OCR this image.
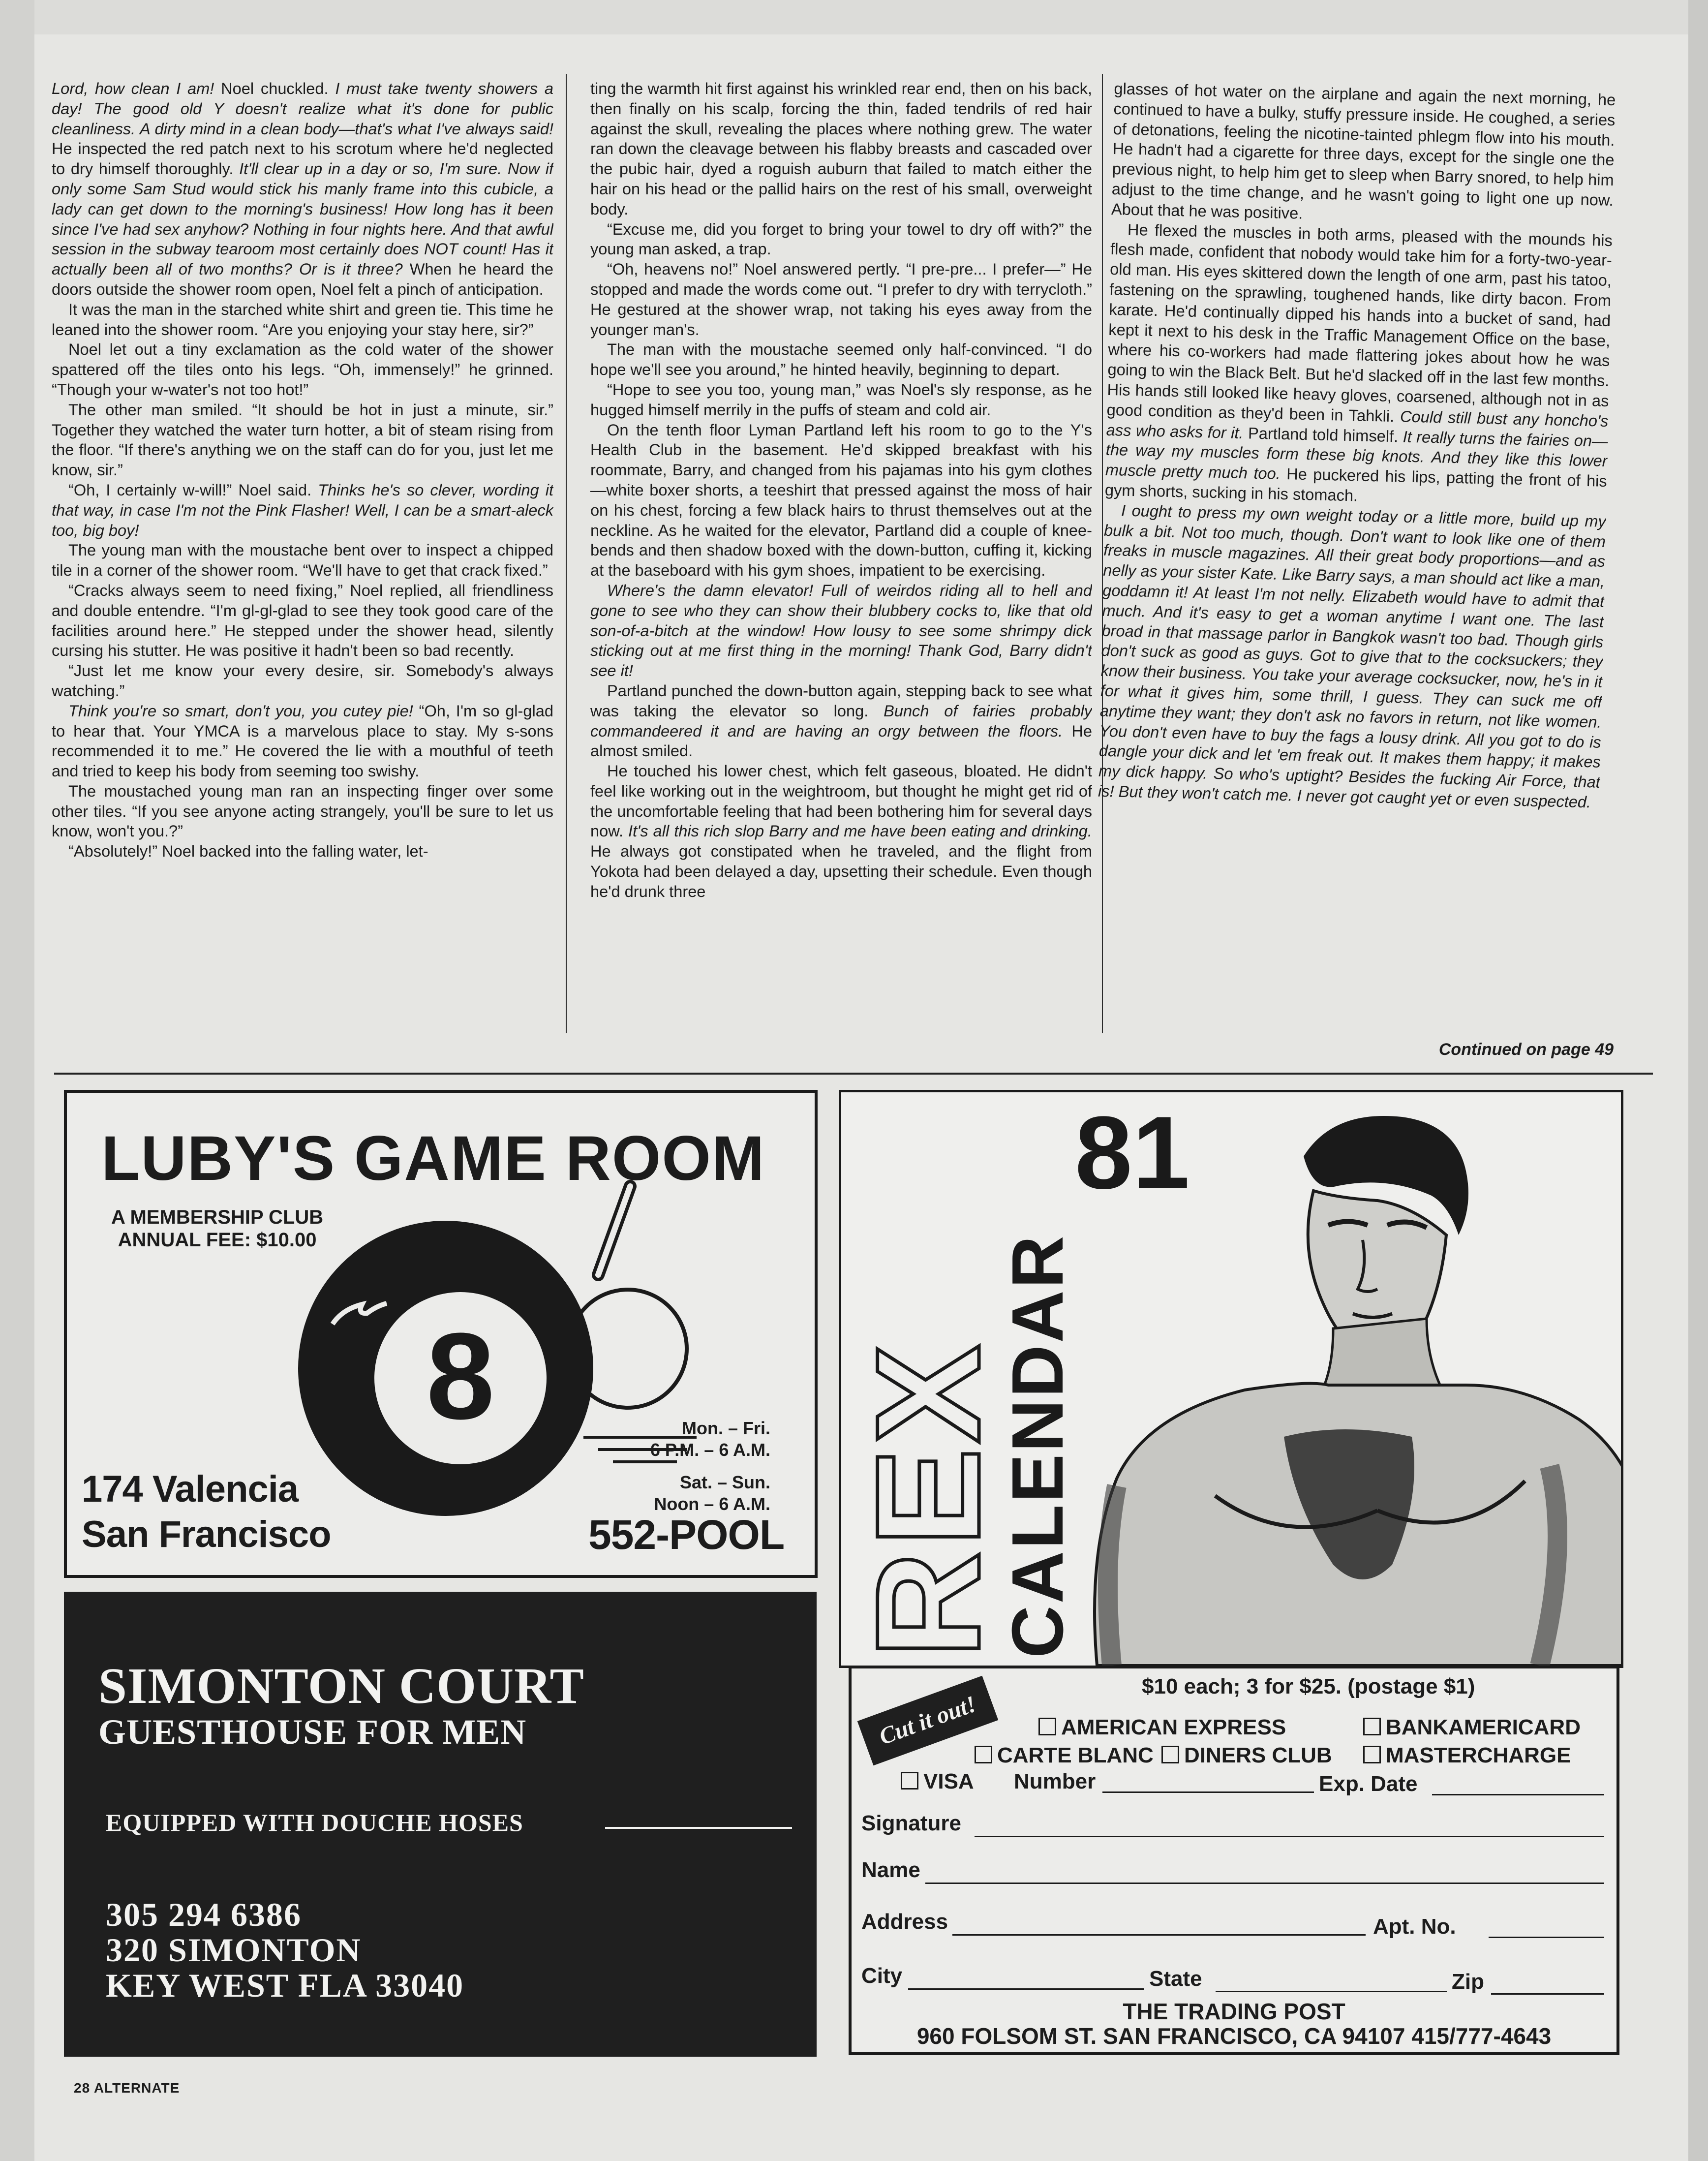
Lord, how clean I am! Noel chuckled. I must take twenty showers a day! The good old Y doesn't realize what it's done for public cleanliness. A dirty mind in a clean body—that's what I've always said! He inspected the red patch next to his scrotum where he'd neglected to dry himself thoroughly. It'll clear up in a day or so, I'm sure. Now if only some Sam Stud would stick his manly frame into this cubicle, a lady can get down to the morning's business! How long has it been since I've had sex anyhow? Nothing in four nights here. And that awful session in the subway tearoom most certainly does NOT count! Has it actually been all of two months? Or is it three? When he heard the doors outside the shower room open, Noel felt a pinch of anticipation.

It was the man in the starched white shirt and green tie. This time he leaned into the shower room. “Are you enjoying your stay here, sir?”

Noel let out a tiny exclamation as the cold water of the shower spattered off the tiles onto his legs. “Oh, immensely!” he grinned. “Though your w-water's not too hot!”

The other man smiled. “It should be hot in just a minute, sir.” Together they watched the water turn hotter, a bit of steam rising from the floor. “If there's anything we on the staff can do for you, just let me know, sir.”

“Oh, I certainly w-will!” Noel said. Thinks he's so clever, wording it that way, in case I'm not the Pink Flasher! Well, I can be a smart-aleck too, big boy!

The young man with the moustache bent over to inspect a chipped tile in a corner of the shower room. “We'll have to get that crack fixed.”

“Cracks always seem to need fixing,” Noel replied, all friendliness and double entendre. “I'm gl-gl-glad to see they took good care of the facilities around here.” He stepped under the shower head, silently cursing his stutter. He was positive it hadn't been so bad recently.

“Just let me know your every desire, sir. Somebody's always watching.”

Think you're so smart, don't you, you cutey pie! “Oh, I'm so gl-glad to hear that. Your YMCA is a marvelous place to stay. My s-sons recommended it to me.” He covered the lie with a mouthful of teeth and tried to keep his body from seeming too swishy.

The moustached young man ran an inspecting finger over some other tiles. “If you see anyone acting strangely, you'll be sure to let us know, won't you.?”

“Absolutely!” Noel backed into the falling water, let-

ting the warmth hit first against his wrinkled rear end, then on his back, then finally on his scalp, forcing the thin, faded tendrils of red hair against the skull, revealing the places where nothing grew. The water ran down the cleavage between his flabby breasts and cascaded over the pubic hair, dyed a roguish auburn that failed to match either the hair on his head or the pallid hairs on the rest of his small, overweight body.

“Excuse me, did you forget to bring your towel to dry off with?” the young man asked, a trap.

“Oh, heavens no!” Noel answered pertly. “I pre-pre... I prefer—” He stopped and made the words come out. “I prefer to dry with terrycloth.” He gestured at the shower wrap, not taking his eyes away from the younger man's.

The man with the moustache seemed only half-convinced. “I do hope we'll see you around,” he hinted heavily, beginning to depart.

“Hope to see you too, young man,” was Noel's sly response, as he hugged himself merrily in the puffs of steam and cold air.

On the tenth floor Lyman Partland left his room to go to the Y's Health Club in the basement. He'd skipped breakfast with his roommate, Barry, and changed from his pajamas into his gym clothes—white boxer shorts, a teeshirt that pressed against the moss of hair on his chest, forcing a few black hairs to thrust themselves out at the neckline. As he waited for the elevator, Partland did a couple of knee-bends and then shadow boxed with the down-button, cuffing it, kicking at the baseboard with his gym shoes, impatient to be exercising.

Where's the damn elevator! Full of weirdos riding all to hell and gone to see who they can show their blubbery cocks to, like that old son-of-a-bitch at the window! How lousy to see some shrimpy dick sticking out at me first thing in the morning! Thank God, Barry didn't see it!

Partland punched the down-button again, stepping back to see what was taking the elevator so long. Bunch of fairies probably commandeered it and are having an orgy between the floors. He almost smiled.

He touched his lower chest, which felt gaseous, bloated. He didn't feel like working out in the weightroom, but thought he might get rid of the uncomfortable feeling that had been bothering him for several days now. It's all this rich slop Barry and me have been eating and drinking. He always got constipated when he traveled, and the flight from Yokota had been delayed a day, upsetting their schedule. Even though he'd drunk three

glasses of hot water on the airplane and again the next morning, he continued to have a bulky, stuffy pressure inside. He coughed, a series of detonations, feeling the nicotine-tainted phlegm flow into his mouth. He hadn't had a cigarette for three days, except for the single one the previous night, to help him get to sleep when Barry snored, to help him adjust to the time change, and he wasn't going to light one up now. About that he was positive.

He flexed the muscles in both arms, pleased with the mounds his flesh made, confident that nobody would take him for a forty-two-year-old man. His eyes skittered down the length of one arm, past his tatoo, fastening on the sprawling, toughened hands, like dirty bacon. From karate. He'd continually dipped his hands into a bucket of sand, had kept it next to his desk in the Traffic Management Office on the base, where his co-workers had made flattering jokes about how he was going to win the Black Belt. But he'd slacked off in the last few months. His hands still looked like heavy gloves, coarsened, although not in as good condition as they'd been in Tahkli. Could still bust any honcho's ass who asks for it. Partland told himself. It really turns the fairies on—the way my muscles form these big knots. And they like this lower muscle pretty much too. He puckered his lips, patting the front of his gym shorts, sucking in his stomach.

I ought to press my own weight today or a little more, build up my bulk a bit. Not too much, though. Don't want to look like one of them freaks in muscle magazines. All their great body proportions—and as nelly as your sister Kate. Like Barry says, a man should act like a man, goddamn it! At least I'm not nelly. Elizabeth would have to admit that much. And it's easy to get a woman anytime I want one. The last broad in that massage parlor in Bangkok wasn't too bad. Though girls don't suck as good as guys. Got to give that to the cocksuckers; they know their business. You take your average cocksucker, now, he's in it for what it gives him, some thrill, I guess. They can suck me off anytime they want; they don't ask no favors in return, not like women. You don't even have to buy the fags a lousy drink. All you got to do is dangle your dick and let 'em freak out. It makes them happy; it makes my dick happy. So who's uptight? Besides the fucking Air Force, that is! But they won't catch me. I never got caught yet or even suspected.

Continued on page 49
8
LUBY'S GAME ROOM
A MEMBERSHIP CLUB
ANNUAL FEE: $10.00
Mon. – Fri.
6 P.M. – 6 A.M.
Sat. – Sun.
Noon – 6 A.M.
174 Valencia
San Francisco	552-POOL
SIMONTON COURT
GUESTHOUSE FOR MEN
EQUIPPED WITH DOUCHE HOSES
305 294 6386
320 SIMONTON
KEY WEST FLA 33040
REX
CALENDAR
81
Cut it out!
$10 each; 3 for $25. (postage $1)
AMERICAN EXPRESS	BANKAMERICARD
CARTE BLANC	DINERS CLUB	MASTERCHARGE
VISA Number	Exp. Date
Signature
Name
Address	Apt. No.
City	State	Zip
THE TRADING POST
960 FOLSOM ST. SAN FRANCISCO, CA 94107 415/777-4643
28 ALTERNATE
